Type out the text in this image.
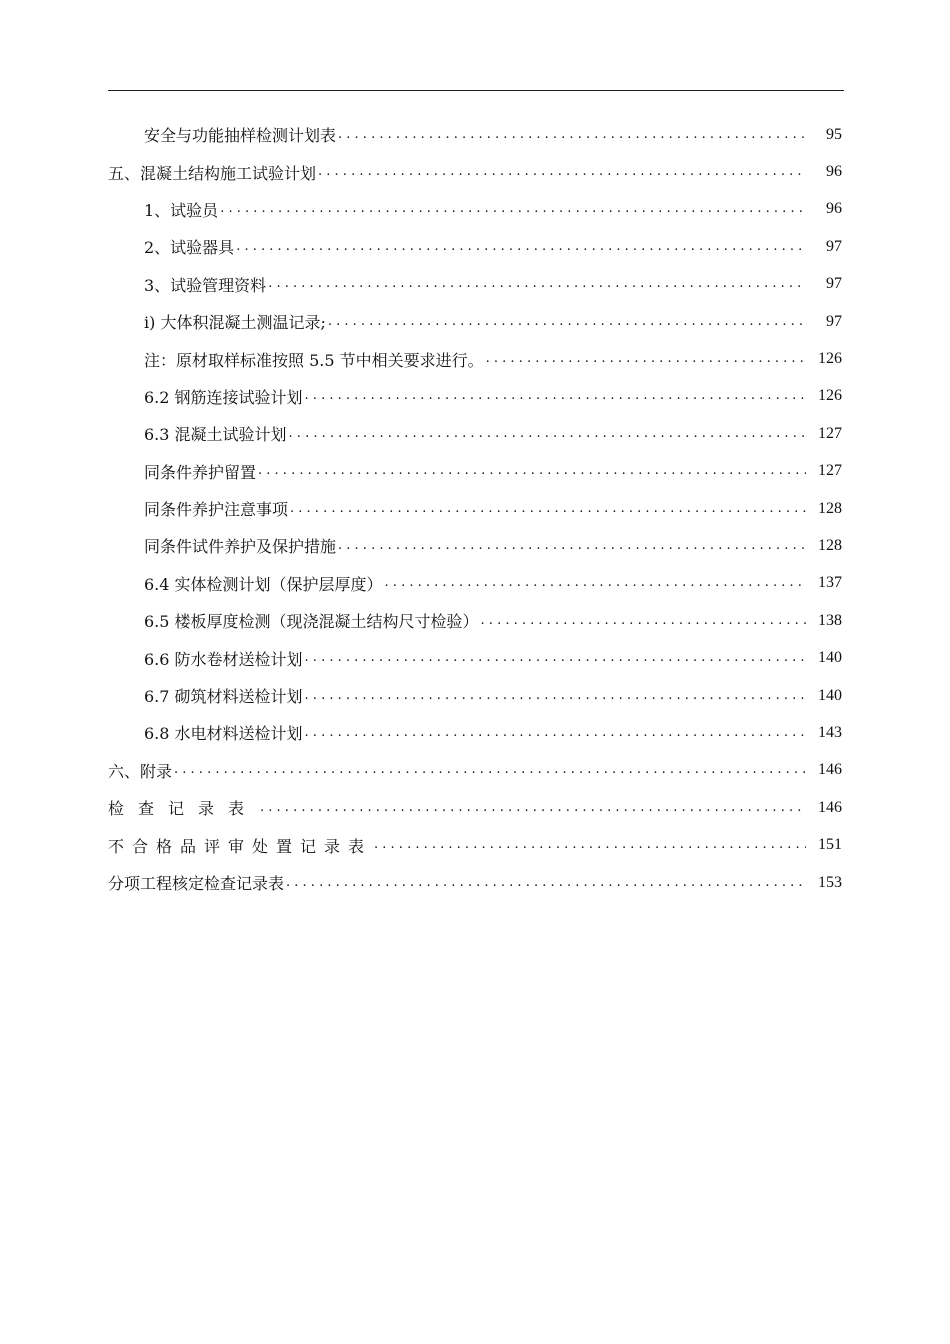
安全与功能抽样检测计划表 . . .	95
五、混凝土结构施工试验计划 . . .	96
1、试验员 . . .	96
2、试验器具 . . .	97
3、试验管理资料 . . .	97
i) 大体积混凝土测温记录; . . .	97
注：原材取样标准按照 5.5 节中相关要求进行。 . . .	126
6.2 钢筋连接试验计划 . . .	126
6.3 混凝土试验计划 . . .	127
同条件养护留置 . . .	127
同条件养护注意事项 . . .	128
同条件试件养护及保护措施 . . .	128
6.4 实体检测计划（保护层厚度） . . .	137
6.5 楼板厚度检测（现浇混凝土结构尺寸检验） . . .	138
6.6 防水卷材送检计划 . . .	140
6.7 砌筑材料送检计划 . . .	140
6.8 水电材料送检计划 . . .	143
六、附录 . . .	146
检查记录表 . . .	146
不合格品评审处置记录表 . . .	151
分项工程核定检查记录表 . . .	153
